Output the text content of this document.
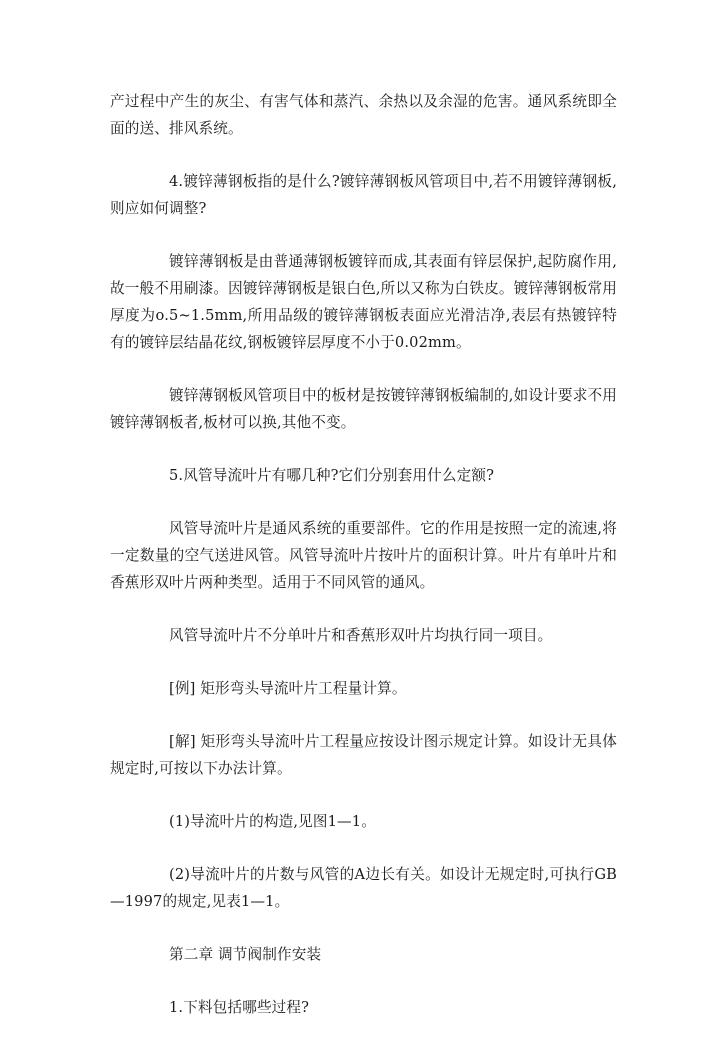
产过程中产生的灰尘、有害气体和蒸汽、余热以及余湿的危害。通风系统即全面的送、排风系统。

4.镀锌薄钢板指的是什么?镀锌薄钢板风管项目中,若不用镀锌薄钢板,则应如何调整?

镀锌薄钢板是由普通薄钢板镀锌而成,其表面有锌层保护,起防腐作用,故一般不用刷漆。因镀锌薄钢板是银白色,所以又称为白铁皮。镀锌薄钢板常用厚度为o.5~1.5mm,所用品级的镀锌薄钢板表面应光滑洁净,表层有热镀锌特有的镀锌层结晶花纹,钢板镀锌层厚度不小于0.02mm。

镀锌薄钢板风管项目中的板材是按镀锌薄钢板编制的,如设计要求不用镀锌薄钢板者,板材可以换,其他不变。

5.风管导流叶片有哪几种?它们分别套用什么定额?

风管导流叶片是通风系统的重要部件。它的作用是按照一定的流速,将一定数量的空气送进风管。风管导流叶片按叶片的面积计算。叶片有单叶片和香蕉形双叶片两种类型。适用于不同风管的通风。

风管导流叶片不分单叶片和香蕉形双叶片均执行同一项目。

[例] 矩形弯头导流叶片工程量计算。

[解] 矩形弯头导流叶片工程量应按设计图示规定计算。如设计无具体规定时,可按以下办法计算。

(1)导流叶片的构造,见图1—1。

(2)导流叶片的片数与风管的A边长有关。如设计无规定时,可执行GB—1997的规定,见表1—1。

第二章 调节阀制作安装

1.下料包括哪些过程?
